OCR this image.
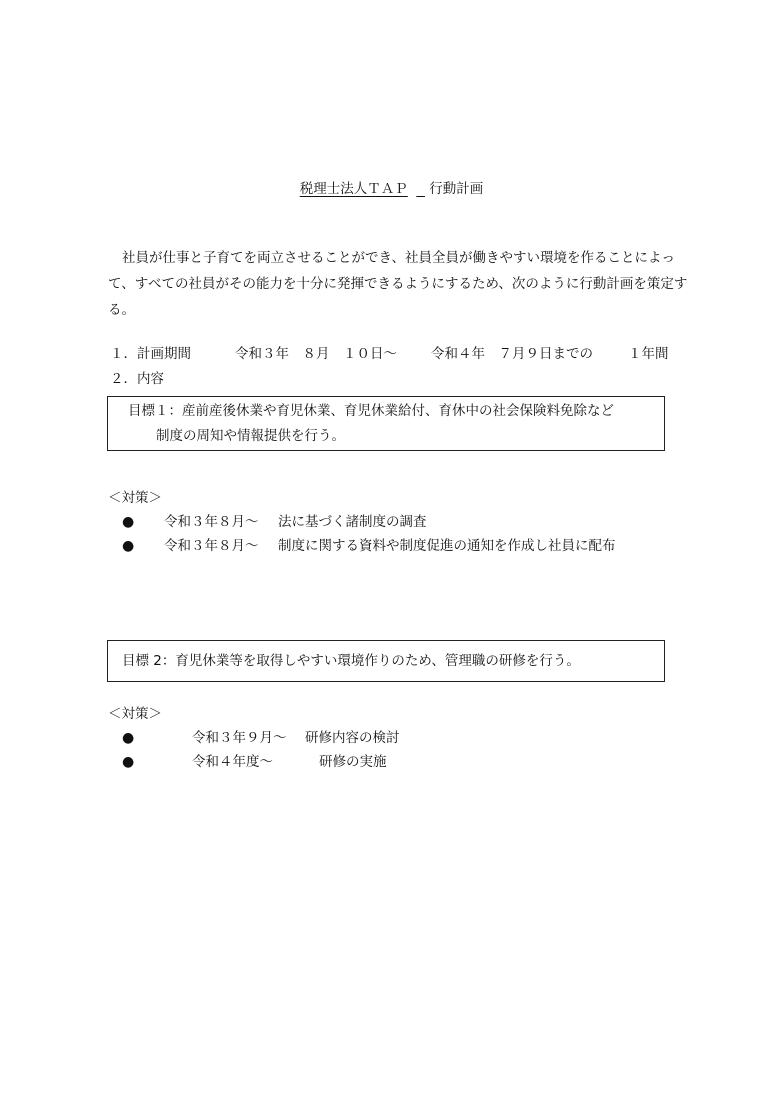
税理士法人ＴＡＰ 行動計画
社員が仕事と子育てを両立させることができ、社員全員が働きやすい環境を作ることによって、すべての社員がその能力を十分に発揮できるようにするため、次のように行動計画を策定する。
１．計画期間	令和３年　８月　１０日～	令和４年　７月９日までの	１年間
２．内容
目標１：産前産後休業や育児休業、育児休業給付、育休中の社会保険料免除など
制度の周知や情報提供を行う。
＜対策＞
● 令和３年８月～ 法に基づく諸制度の調査
● 令和３年８月～ 制度に関する資料や制度促進の通知を作成し社員に配布
目標 2：育児休業等を取得しやすい環境作りのため、管理職の研修を行う。
＜対策＞
●	令和３年９月～ 研修内容の検討
●	令和４年度～	研修の実施
